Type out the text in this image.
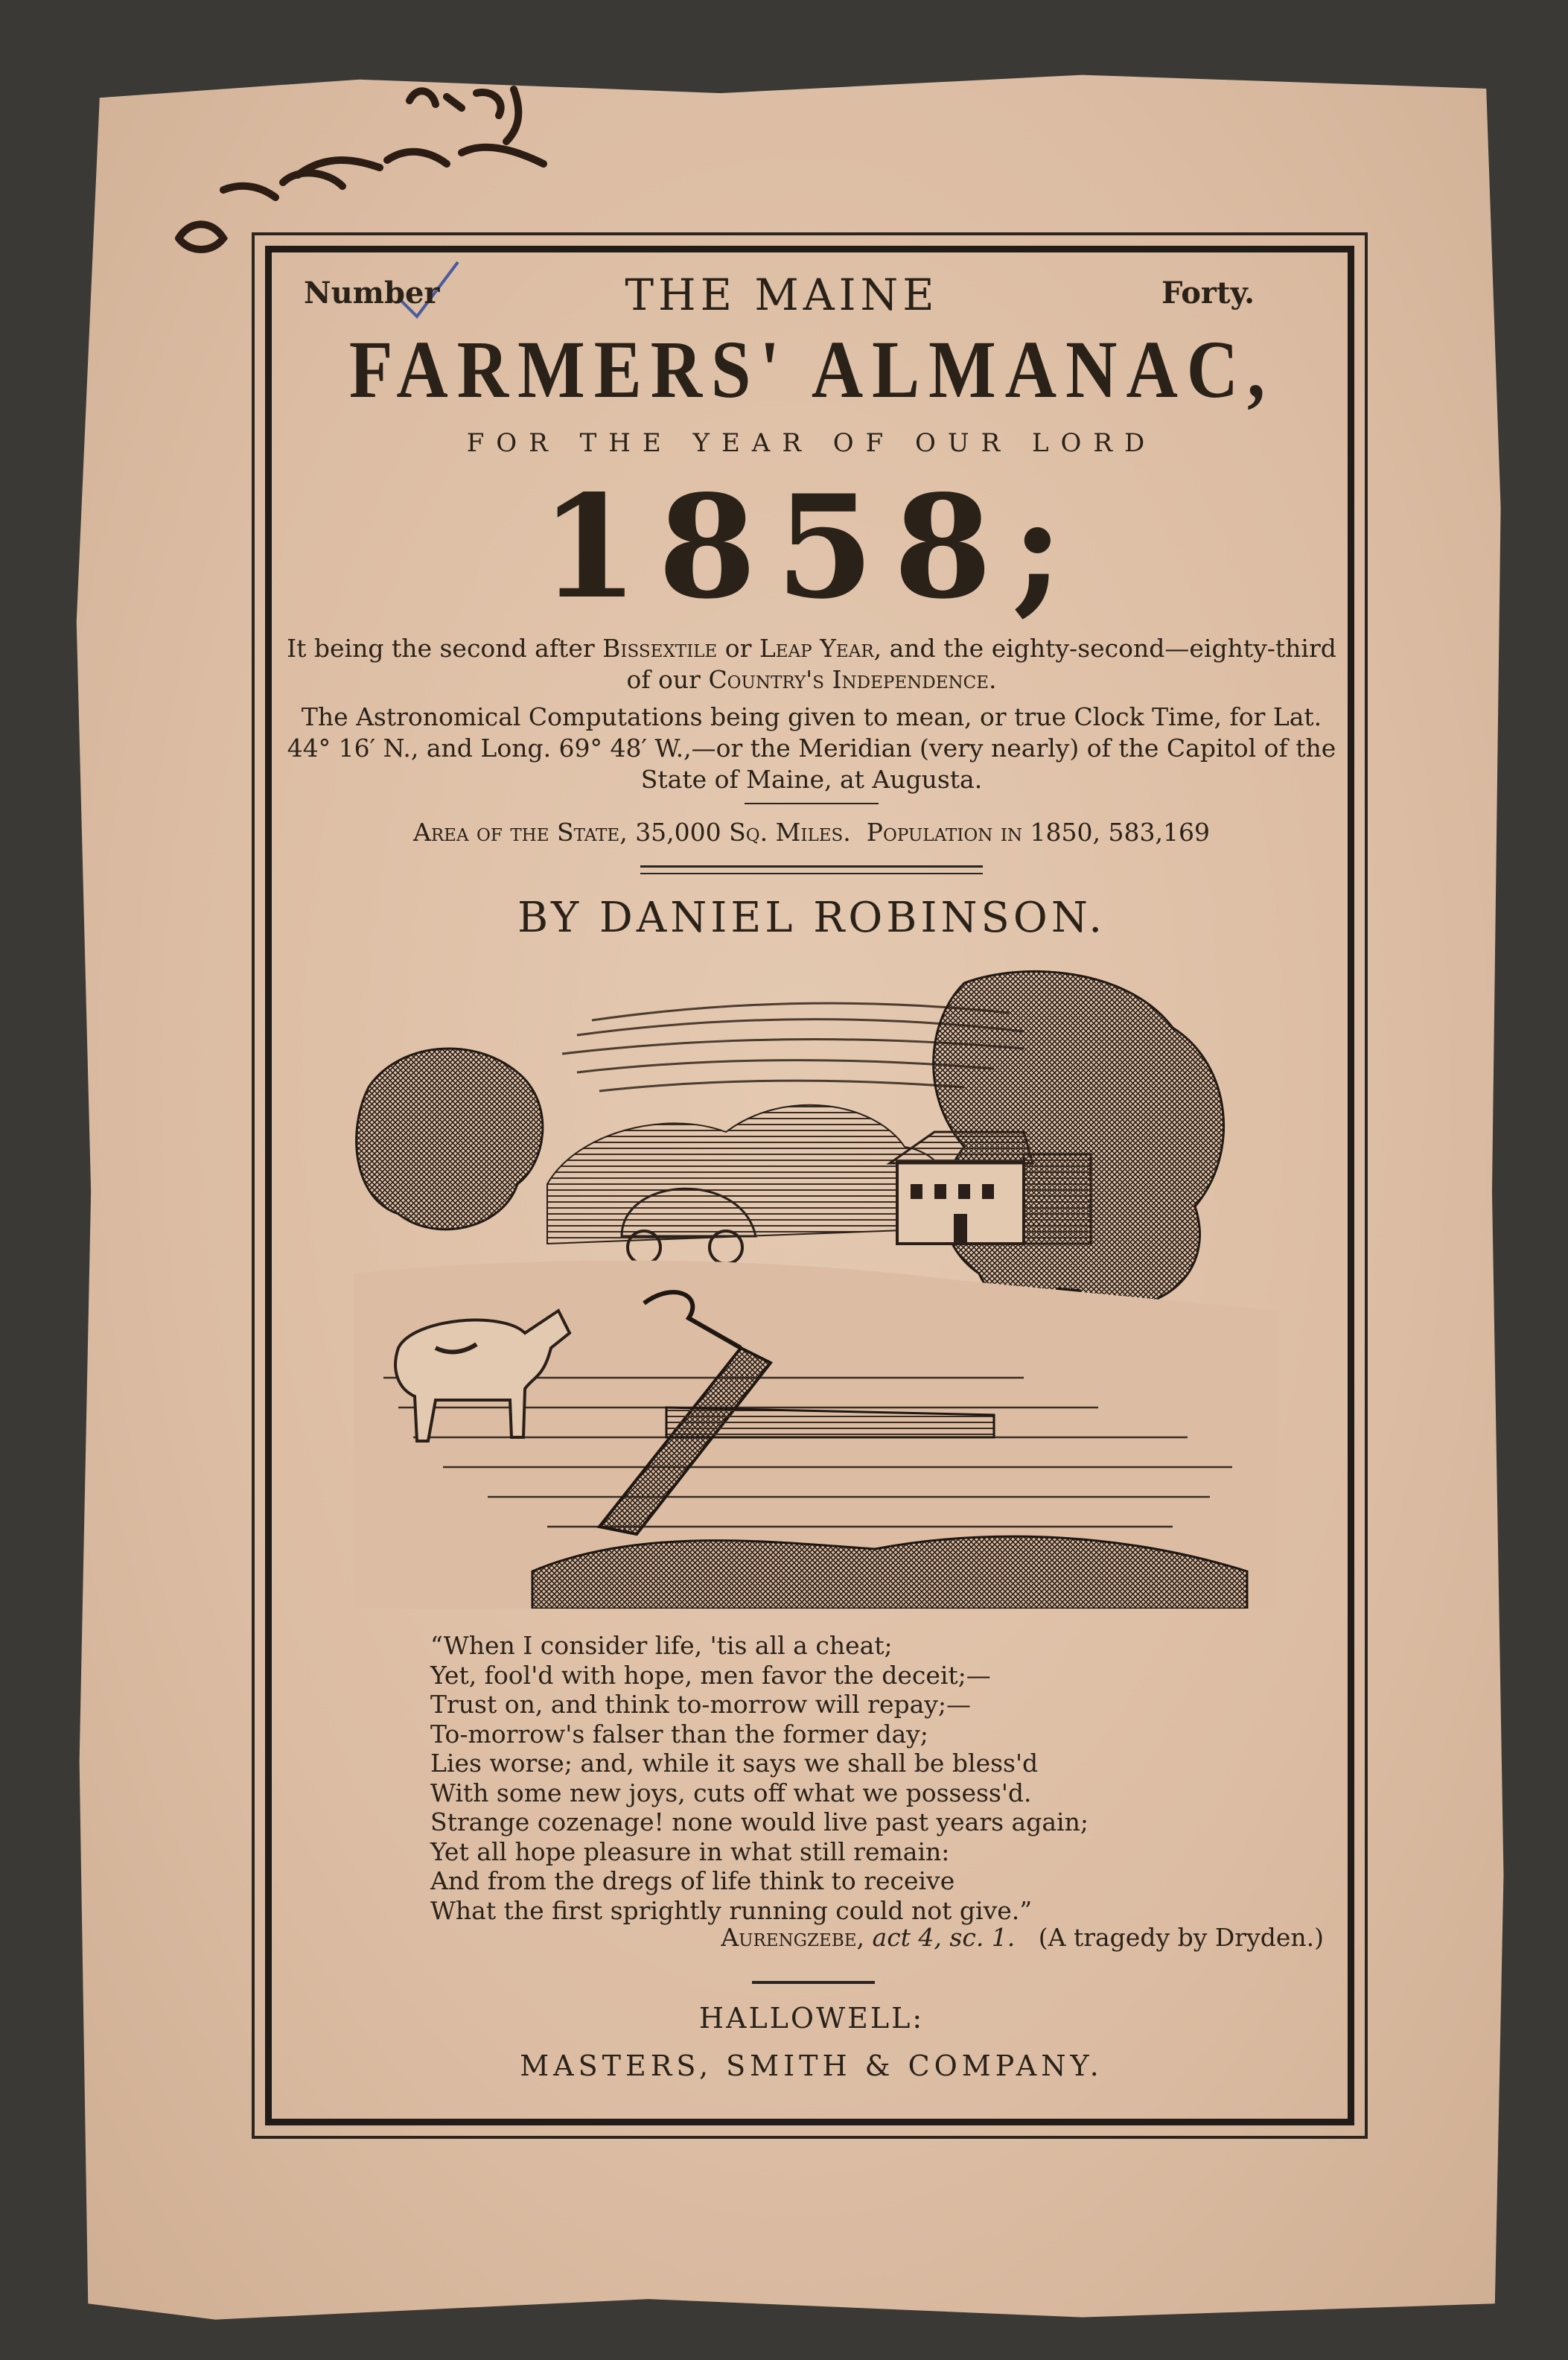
Number	Forty.
THE MAINE
FARMERS' ALMANAC,
FOR THE YEAR OF OUR LORD
1858;
It being the second after Bissextile or Leap Year, and the eighty-second—eighty-third of our Country's Independence.
The Astronomical Computations being given to mean, or true Clock Time, for Lat. 44° 16′ N., and Long. 69° 48′ W.,—or the Meridian (very nearly) of the Capitol of the State of Maine, at Augusta.
Area of the State, 35,000 Sq. Miles. Population in 1850, 583,169
BY DANIEL ROBINSON.
“When I consider life, 'tis all a cheat;
Yet, fool'd with hope, men favor the deceit;—
Trust on, and think to-morrow will repay;—
To-morrow's falser than the former day;
Lies worse; and, while it says we shall be bless'd
With some new joys, cuts off what we possess'd.
Strange cozenage! none would live past years again;
Yet all hope pleasure in what still remain:
And from the dregs of life think to receive
What the first sprightly running could not give.”
Aurengzebe, act 4, sc. 1. (A tragedy by Dryden.)
HALLOWELL:
MASTERS, SMITH & COMPANY.
